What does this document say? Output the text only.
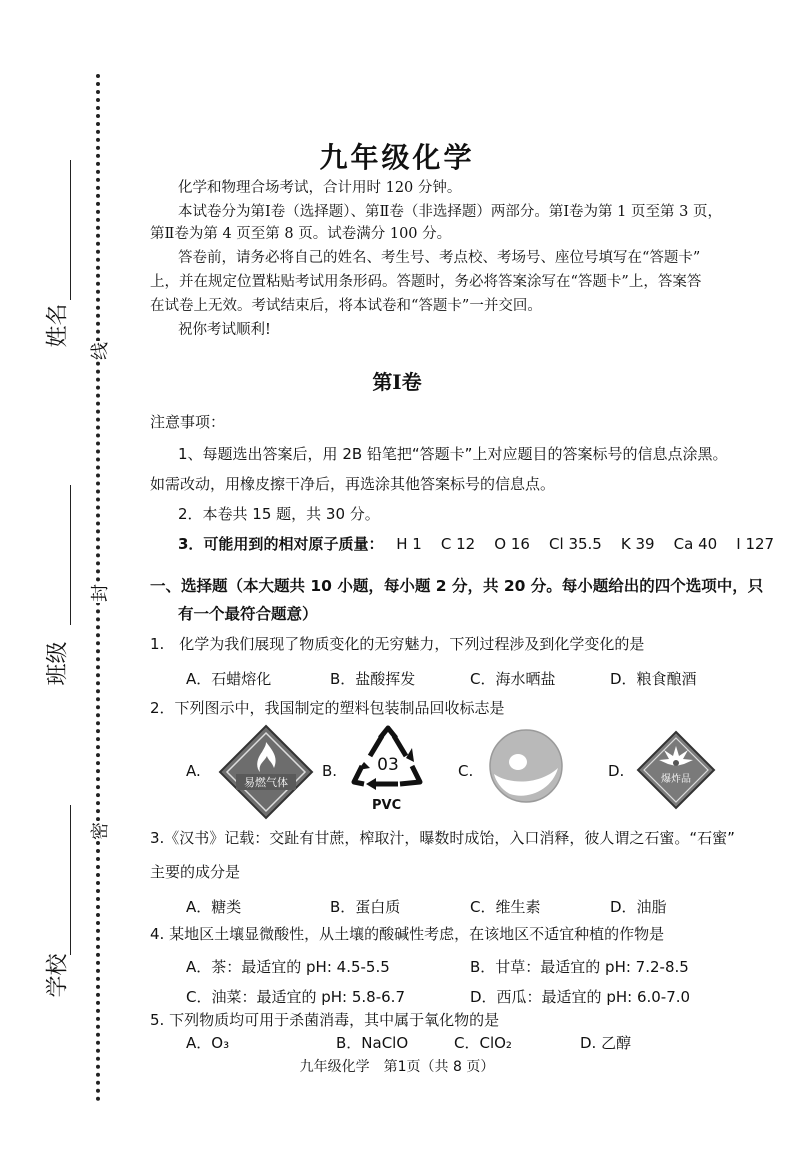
姓名
班级
学校
线
封
密
九年级化学
化学和物理合场考试，合计用时 120 分钟。
本试卷分为第Ⅰ卷（选择题）、第Ⅱ卷（非选择题）两部分。第Ⅰ卷为第 1 页至第 3 页，
第Ⅱ卷为第 4 页至第 8 页。试卷满分 100 分。
答卷前，请务必将自己的姓名、考生号、考点校、考场号、座位号填写在“答题卡”
上，并在规定位置粘贴考试用条形码。答题时，务必将答案涂写在“答题卡”上，答案答
在试卷上无效。考试结束后，将本试卷和“答题卡”一并交回。
祝你考试顺利!
第Ⅰ卷
注意事项：
1、每题选出答案后，用 2B 铅笔把“答题卡”上对应题目的答案标号的信息点涂黑。
如需改动，用橡皮擦干净后，再选涂其他答案标号的信息点。
2．本卷共 15 题，共 30 分。
3．可能用到的相对原子质量： H 1    C 12    O 16    Cl 35.5    K 39    Ca 40    I 127
一、选择题（本大题共 10 小题，每小题 2 分，共 20 分。每小题给出的四个选项中，只
有一个最符合题意）
1.　化学为我们展现了物质变化的无穷魅力，下列过程涉及到化学变化的是
A．石蜡熔化	B．盐酸挥发	C．海水晒盐	D．粮食酿酒
2．下列图示中，我国制定的塑料包装制品回收标志是
A.
易燃气体
B. 03
PVC
C.	D.	爆炸品
3.《汉书》记载：交趾有甘蔗，榨取汁，曝数时成饴，入口消释，彼人谓之石蜜。“石蜜”
主要的成分是
A．糖类	B．蛋白质	C．维生素	D．油脂
4. 某地区土壤显微酸性，从土壤的酸碱性考虑，在该地区不适宜种植的作物是
A．茶：最适宜的 pH: 4.5-5.5	B．甘草：最适宜的 pH: 7.2-8.5
C．油菜：最适宜的 pH: 5.8-6.7	D．西瓜：最适宜的 pH: 6.0-7.0
5. 下列物质均可用于杀菌消毒，其中属于氧化物的是
A．O₃	B．NaClO	C．ClO₂	D. 乙醇
九年级化学　第1页（共 8 页）
